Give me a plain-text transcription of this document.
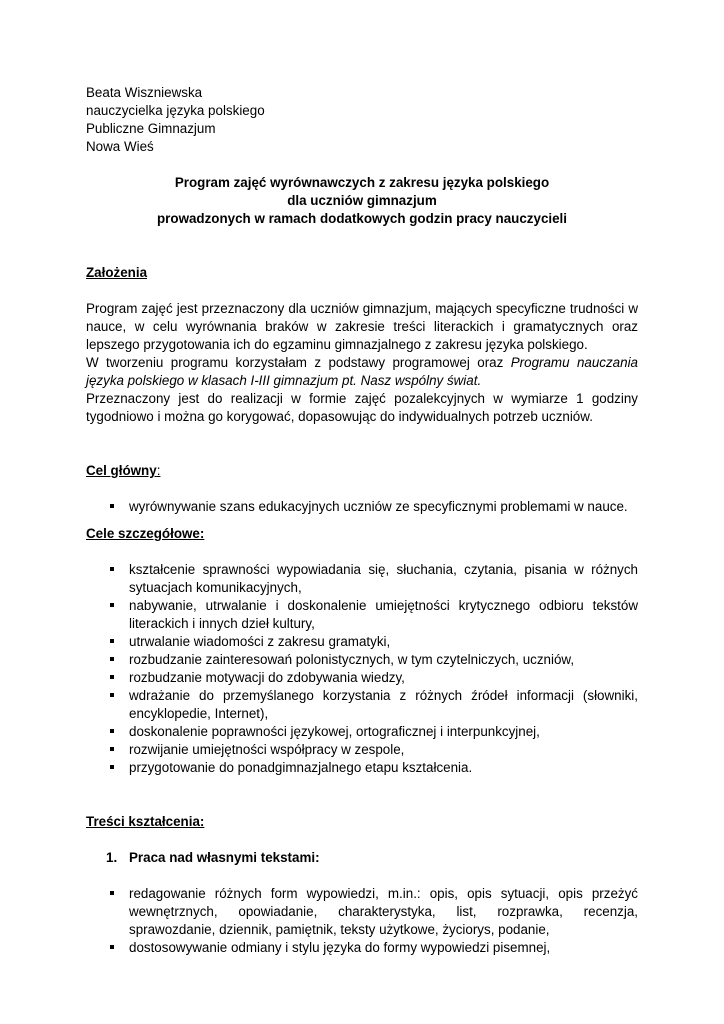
Beata Wiszniewska

nauczycielka języka polskiego

Publiczne Gimnazjum

Nowa Wieś

Program zajęć wyrównawczych z zakresu języka polskiego

dla uczniów gimnazjum

prowadzonych w ramach dodatkowych godzin pracy nauczycieli

Założenia

Program zajęć jest przeznaczony dla uczniów gimnazjum, mających specyficzne trudności w nauce, w celu wyrównania braków w zakresie treści literackich i gramatycznych oraz lepszego przygotowania ich do egzaminu gimnazjalnego z zakresu języka polskiego.

W tworzeniu programu korzystałam z podstawy programowej oraz Programu nauczania języka polskiego w klasach I-III gimnazjum pt. Nasz wspólny świat.

Przeznaczony jest do realizacji w formie zajęć pozalekcyjnych w wymiarze 1 godziny tygodniowo i można go korygować, dopasowując do indywidualnych potrzeb uczniów.

Cel główny:

wyrównywanie szans edukacyjnych uczniów ze specyficznymi problemami w nauce.

Cele szczegółowe:

kształcenie sprawności wypowiadania się, słuchania, czytania, pisania w różnych sytuacjach komunikacyjnych,
nabywanie, utrwalanie i doskonalenie umiejętności krytycznego odbioru tekstów literackich i innych dzieł kultury,
utrwalanie wiadomości z zakresu gramatyki,
rozbudzanie zainteresowań polonistycznych, w tym czytelniczych, uczniów,
rozbudzanie motywacji do zdobywania wiedzy,
wdrażanie do przemyślanego korzystania z różnych źródeł informacji (słowniki, encyklopedie, Internet),
doskonalenie poprawności językowej, ortograficznej i interpunkcyjnej,
rozwijanie umiejętności współpracy w zespole,
przygotowanie do ponadgimnazjalnego etapu kształcenia.

Treści kształcenia:

1. Praca nad własnymi tekstami:

redagowanie różnych form wypowiedzi, m.in.: opis, opis sytuacji, opis przeżyć wewnętrznych, opowiadanie, charakterystyka, list, rozprawka, recenzja, sprawozdanie, dziennik, pamiętnik, teksty użytkowe, życiorys, podanie,
dostosowywanie odmiany i stylu języka do formy wypowiedzi pisemnej,
